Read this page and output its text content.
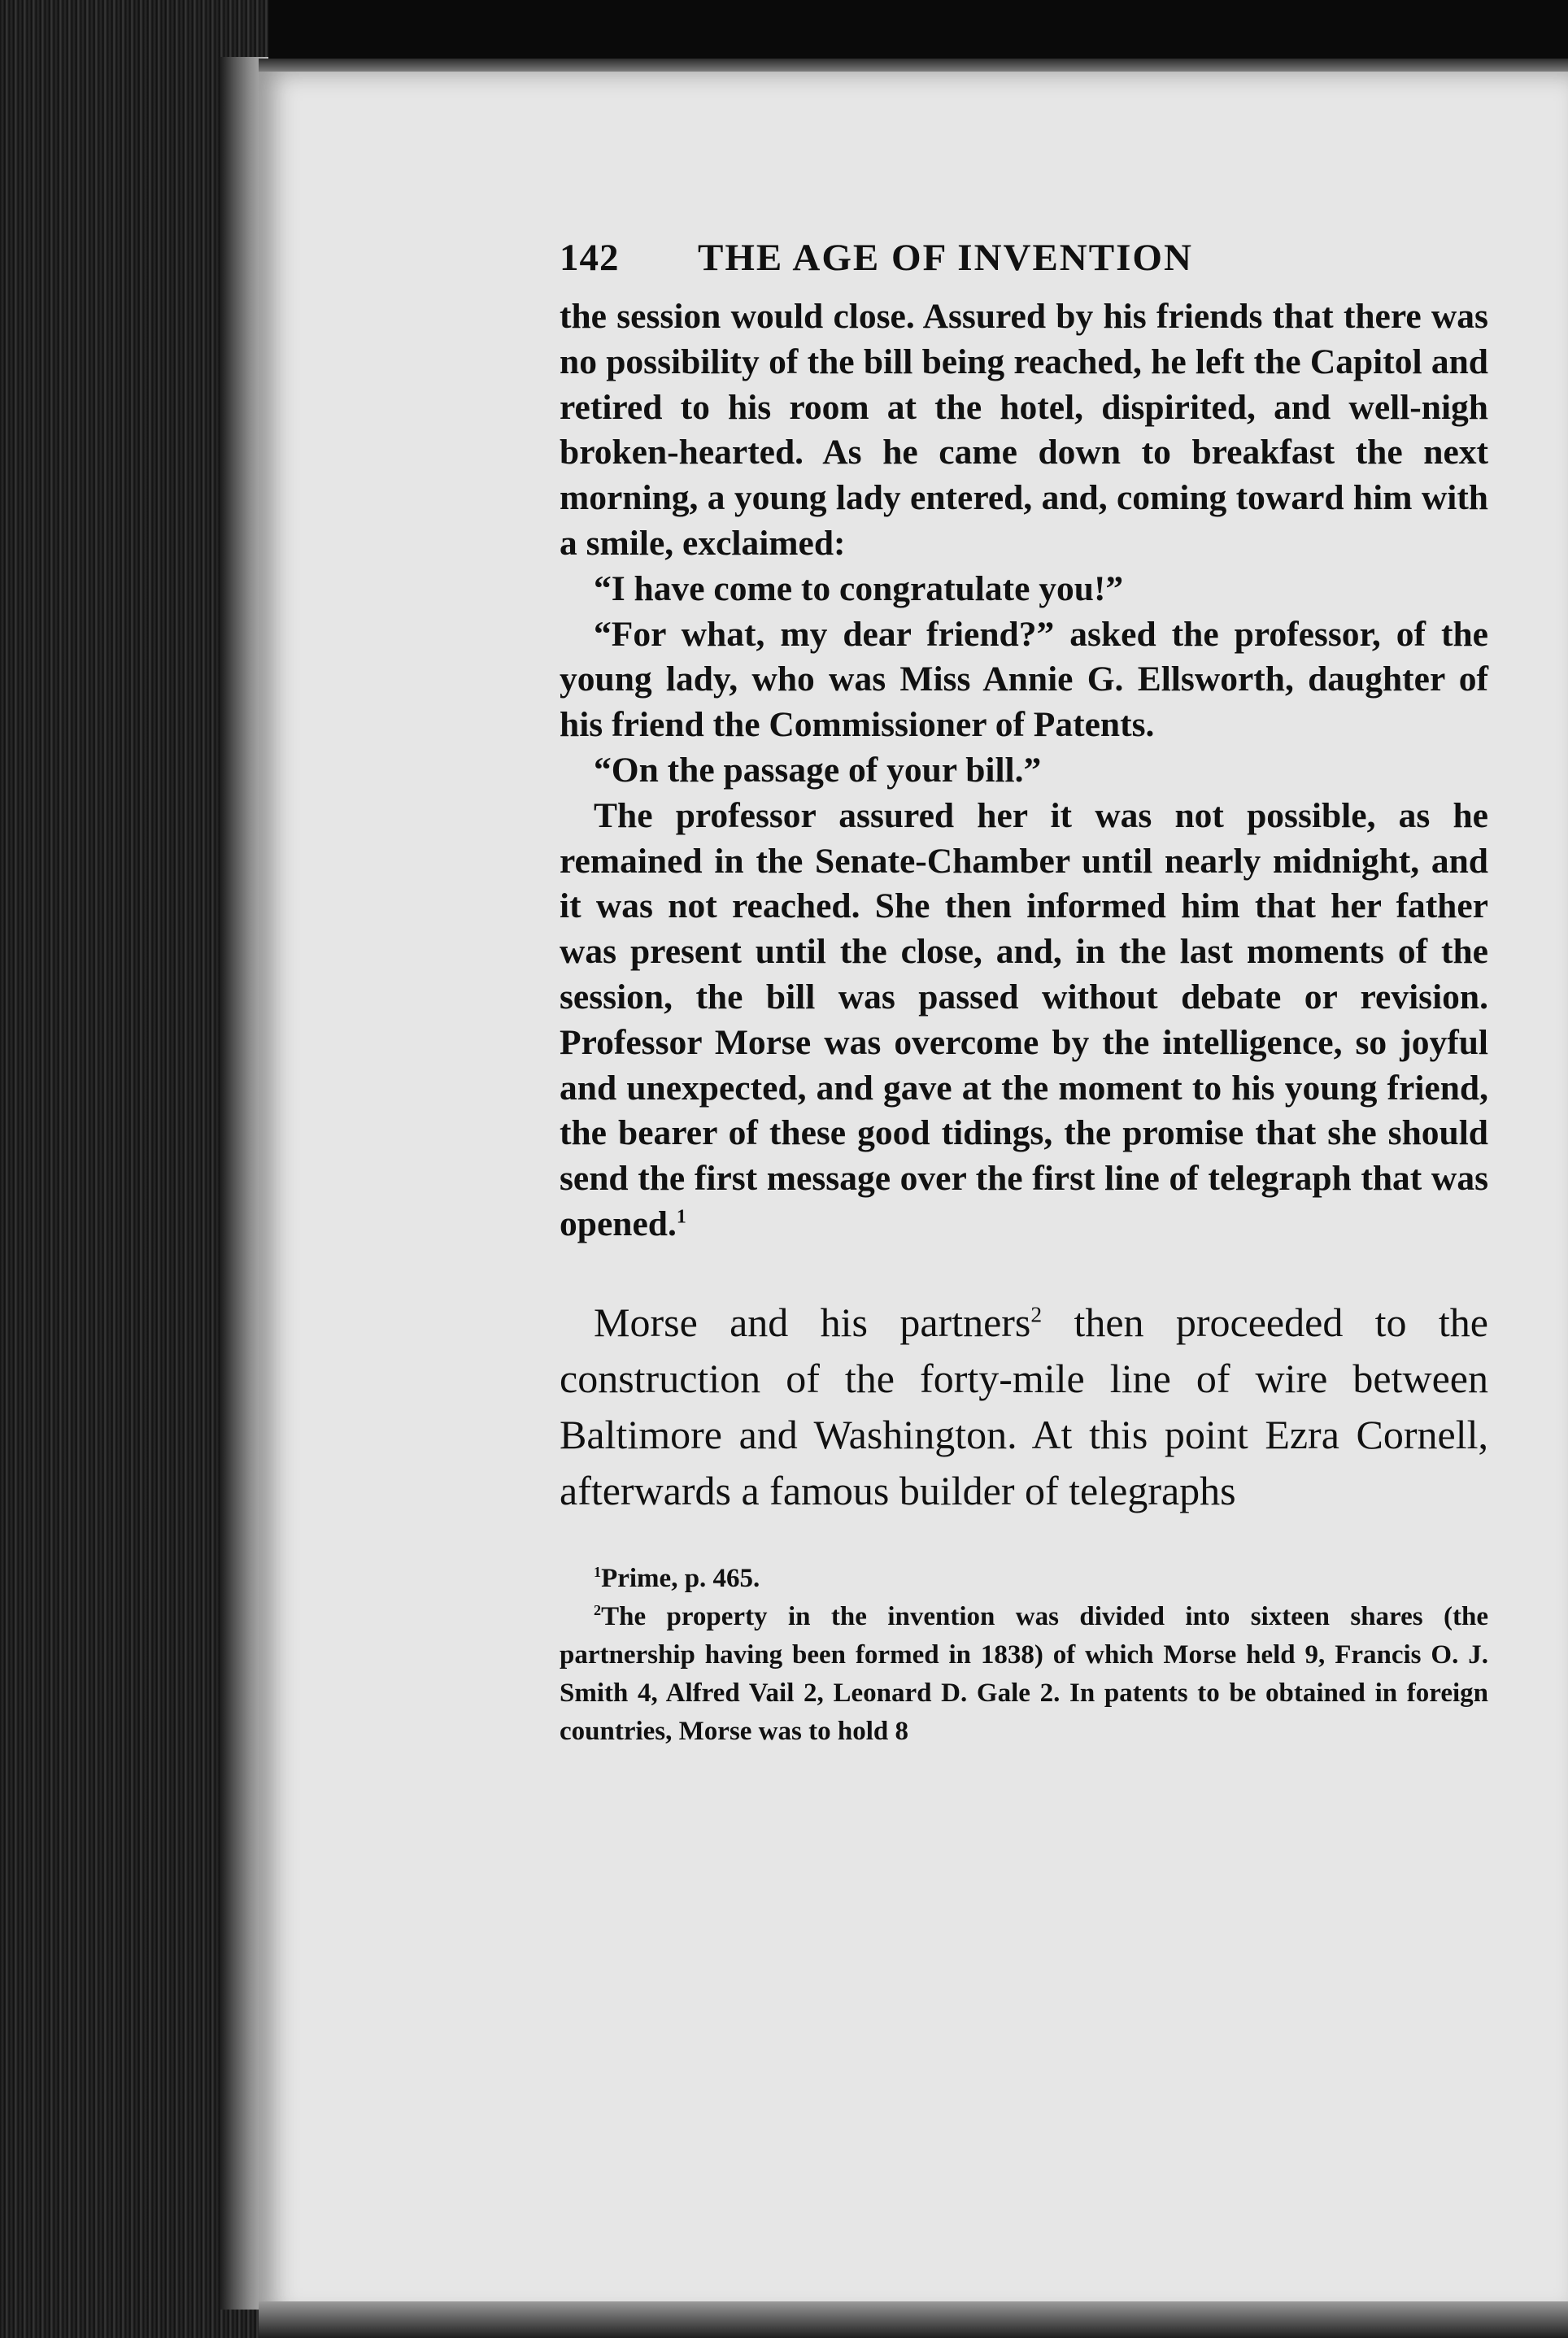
142	THE AGE OF INVENTION

the session would close. Assured by his friends that there was no possibility of the bill being reached, he left the Capitol and retired to his room at the hotel, dispirited, and well-nigh broken-hearted. As he came down to breakfast the next morning, a young lady entered, and, coming toward him with a smile, exclaimed:

“I have come to congratulate you!”

“For what, my dear friend?” asked the professor, of the young lady, who was Miss Annie G. Ellsworth, daughter of his friend the Commissioner of Patents.

“On the passage of your bill.”

The professor assured her it was not possible, as he remained in the Senate-Chamber until nearly midnight, and it was not reached. She then informed him that her father was present until the close, and, in the last moments of the session, the bill was passed without debate or revision. Professor Morse was overcome by the intelligence, so joyful and unexpected, and gave at the moment to his young friend, the bearer of these good tidings, the promise that she should send the first message over the first line of telegraph that was opened.$^1$

Morse and his partners$^2$ then proceeded to the construction of the forty-mile line of wire between Baltimore and Washington. At this point Ezra Cornell, afterwards a famous builder of telegraphs

$^1$Prime, p. 465.

$^2$The property in the invention was divided into sixteen shares (the partnership having been formed in 1838) of which Morse held 9, Francis O. J. Smith 4, Alfred Vail 2, Leonard D. Gale 2. In patents to be obtained in foreign countries, Morse was to hold 8
